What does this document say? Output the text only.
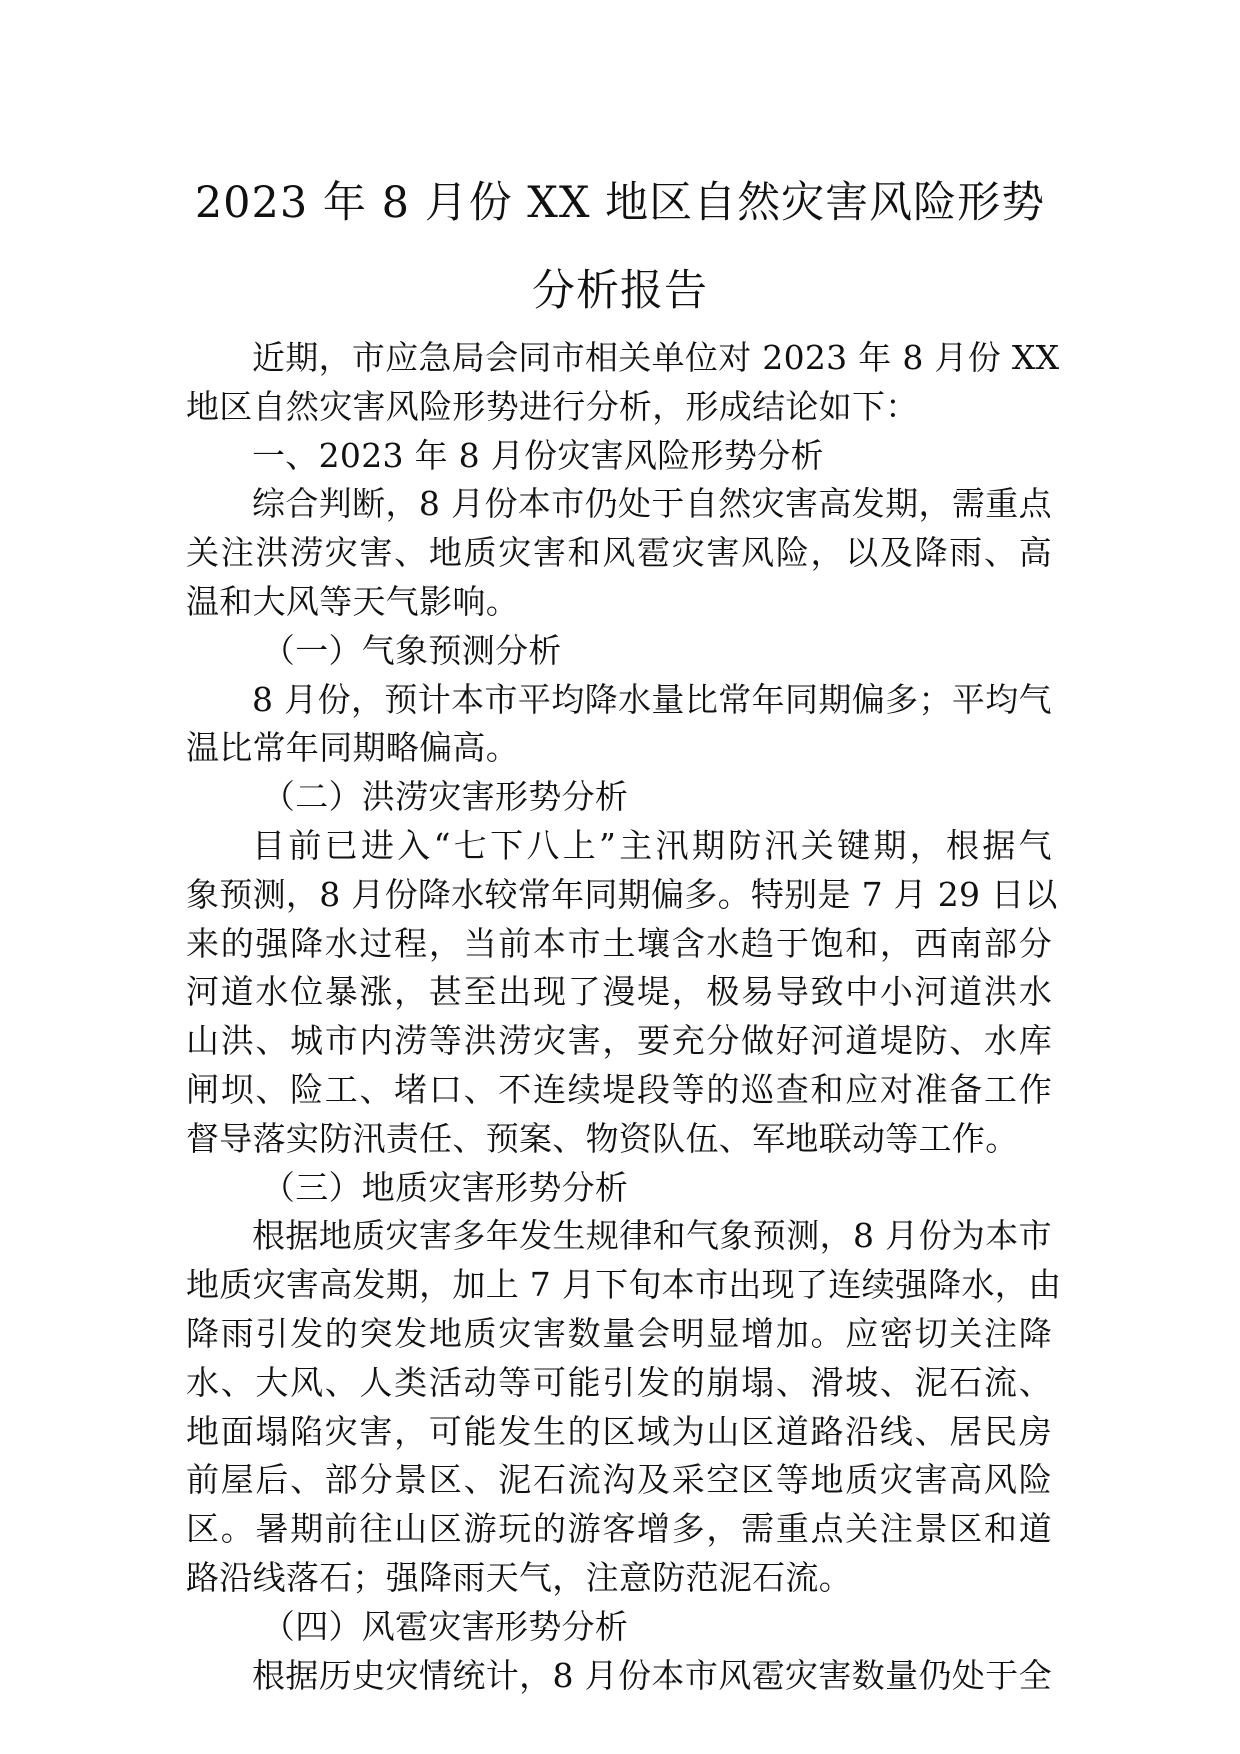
2023 年 8 月份 XX 地区自然灾害风险形势
分析报告

近期，市应急局会同市相关单位对 2023 年 8 月份 XX
地区自然灾害风险形势进行分析，形成结论如下：

一、2023 年 8 月份灾害风险形势分析

综合判断，8 月份本市仍处于自然灾害高发期，需重点
关注洪涝灾害、地质灾害和风雹灾害风险，以及降雨、高
温和大风等天气影响。

（一）气象预测分析

8 月份，预计本市平均降水量比常年同期偏多；平均气
温比常年同期略偏高。

（二）洪涝灾害形势分析

目前已进入“七下八上”主汛期防汛关键期，根据气
象预测，8 月份降水较常年同期偏多。特别是 7 月 29 日以
来的强降水过程，当前本市土壤含水趋于饱和，西南部分
河道水位暴涨，甚至出现了漫堤，极易导致中小河道洪水
山洪、城市内涝等洪涝灾害，要充分做好河道堤防、水库
闸坝、险工、堵口、不连续堤段等的巡查和应对准备工作
督导落实防汛责任、预案、物资队伍、军地联动等工作。

（三）地质灾害形势分析

根据地质灾害多年发生规律和气象预测，8 月份为本市
地质灾害高发期，加上 7 月下旬本市出现了连续强降水，由
降雨引发的突发地质灾害数量会明显增加。应密切关注降
水、大风、人类活动等可能引发的崩塌、滑坡、泥石流、
地面塌陷灾害，可能发生的区域为山区道路沿线、居民房
前屋后、部分景区、泥石流沟及采空区等地质灾害高风险
区。暑期前往山区游玩的游客增多，需重点关注景区和道
路沿线落石；强降雨天气，注意防范泥石流。

（四）风雹灾害形势分析

根据历史灾情统计，8 月份本市风雹灾害数量仍处于全
